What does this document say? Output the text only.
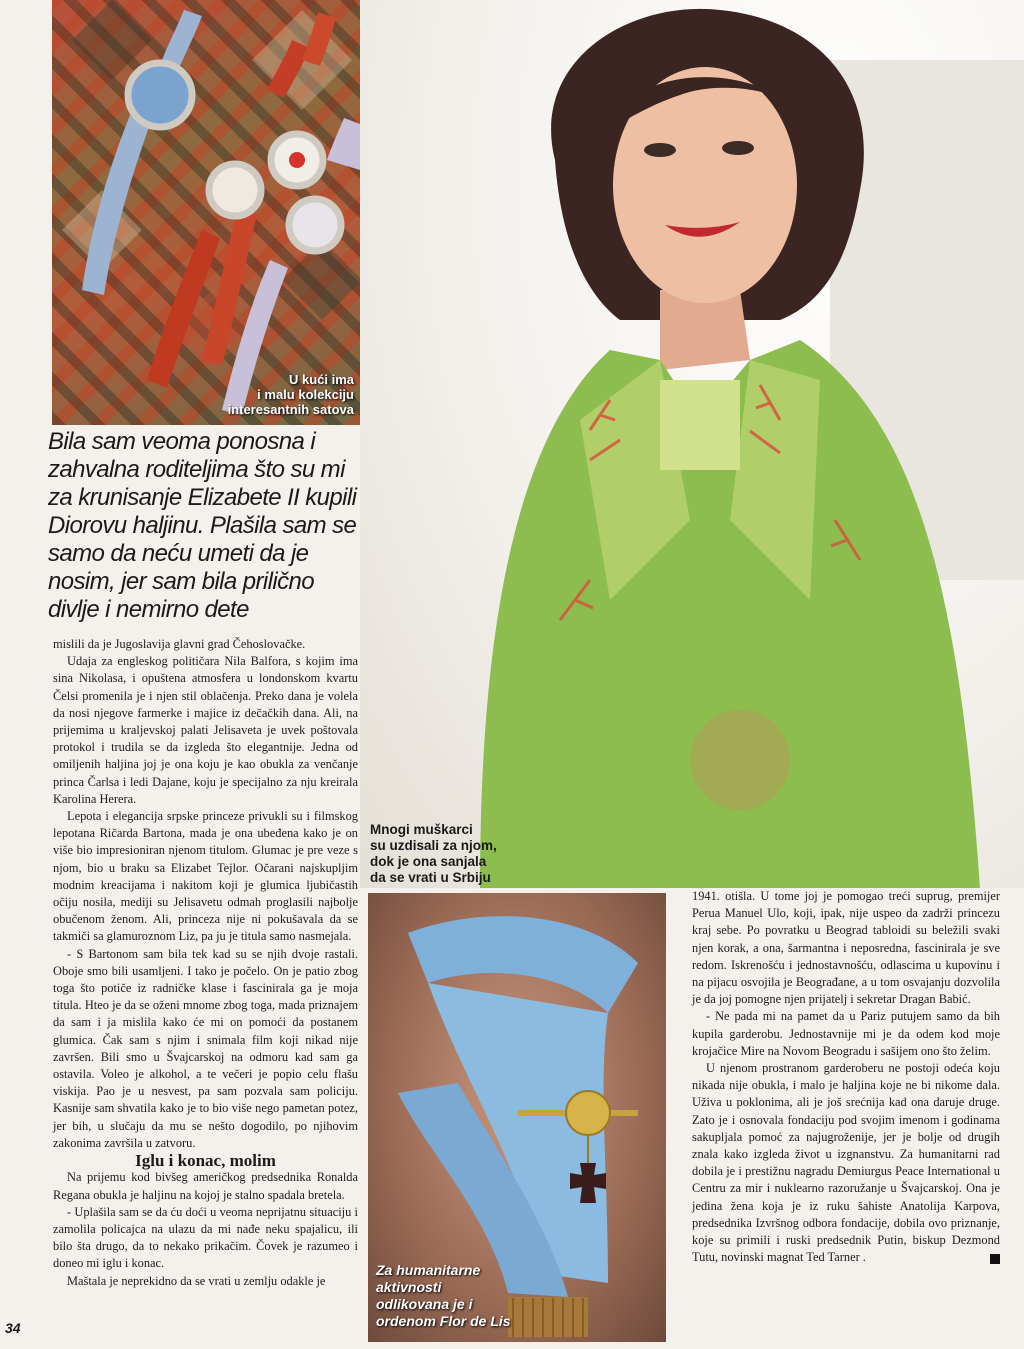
U kući ima
i malu kolekciju
interesantnih satova
Mnogi muškarci
su uzdisali za njom,
dok je ona sanjala
da se vrati u Srbiju
Za humanitarne
aktivnosti
odlikovana je i
ordenom Flor de Lis
Bila sam veoma ponosna i zahvalna roditeljima što su mi za krunisanje Elizabete II kupili Diorovu haljinu. Plašila sam se samo da neću umeti da je nosim, jer sam bila prilično divlje i nemirno dete

mislili da je Jugoslavija glavni grad Čehoslovačke.

Udaja za engleskog političara Nila Balfora, s kojim ima sina Nikolasa, i opuštena atmosfera u londonskom kvartu Čelsi promenila je i njen stil oblačenja. Preko dana je volela da nosi njegove farmerke i majice iz dečačkih dana. Ali, na prijemima u kraljevskoj palati Jelisaveta je uvek poštovala protokol i trudila se da izgleda što elegantnije. Jedna od omiljenih haljina joj je ona koju je kao obukla za venčanje princa Čarlsa i ledi Dajane, koju je specijalno za nju kreirala Karolina Herera.

Lepota i elegancija srpske princeze privukli su i filmskog lepotana Ričarda Bartona, mada je ona ubeđena kako je on više bio impresioniran njenom titulom. Glumac je pre veze s njom, bio u braku sa Elizabet Tejlor. Očarani najskupljim modnim kreacijama i nakitom koji je glumica ljubičastih očiju nosila, mediji su Jelisavetu odmah proglasili najbolje obučenom ženom. Ali, princeza nije ni pokušavala da se takmiči sa glamuroznom Liz, pa ju je titula samo nasmejala.

- S Bartonom sam bila tek kad su se njih dvoje rastali. Oboje smo bili usamljeni. I tako je počelo. On je patio zbog toga što potiče iz radničke klase i fascinirala ga je moja titula. Hteo je da se oženi mnome zbog toga, mada priznajem da sam i ja mislila kako će mi on pomoći da postanem glumica. Čak sam s njim i snimala film koji nikad nije završen. Bili smo u Švajcarskoj na odmoru kad sam ga ostavila. Voleo je alkohol, a te večeri je popio celu flašu viskija. Pao je u nesvest, pa sam pozvala sam policiju. Kasnije sam shvatila kako je to bio više nego pametan potez, jer bih, u slučaju da mu se nešto dogodilo, po njihovim zakonima završila u zatvoru.

Iglu i konac, molim

Na prijemu kod bivšeg američkog predsednika Ronalda Regana obukla je haljinu na kojoj je stalno spadala bretela.

- Uplašila sam se da ću doći u veoma neprijatnu situaciju i zamolila policajca na ulazu da mi nađe neku spajalicu, ili bilo šta drugo, da to nekako prikačim. Čovek je razumeo i doneo mi iglu i konac.

Maštala je neprekidno da se vrati u zemlju odakle je

1941. otišla. U tome joj je pomogao treći suprug, premijer Perua Manuel Ulo, koji, ipak, nije uspeo da zadrži princezu kraj sebe. Po povratku u Beograd tabloidi su beležili svaki njen korak, a ona, šarmantna i neposredna, fascinirala je sve redom. Iskrenošću i jednostavnošću, odlascima u kupovinu i na pijacu osvojila je Beograđane, a u tom osvajanju dozvolila je da joj pomogne njen prijatelj i sekretar Dragan Babić.

- Ne pada mi na pamet da u Pariz putujem samo da bih kupila garderobu. Jednostavnije mi je da odem kod moje krojačice Mire na Novom Beogradu i sašijem ono što želim.

U njenom prostranom garderoberu ne postoji odeća koju nikada nije obukla, i malo je haljina koje ne bi nikome dala. Uživa u poklonima, ali je još srećnija kad ona daruje druge. Zato je i osnovala fondaciju pod svojim imenom i godinama sakupljala pomoć za najugroženije, jer je bolje od drugih znala kako izgleda život u izgnanstvu. Za humanitarni rad dobila je i prestižnu nagradu Demiurgus Peace International u Centru za mir i nuklearno razoružanje u Švajcarskoj. Ona je jedina žena koja je iz ruku šahiste Anatolija Karpova, predsednika Izvršnog odbora fondacije, dobila ovo priznanje, koje su primili i ruski predsednik Putin, biskup Dezmond Tutu, novinski magnat Ted Tarner .

34
